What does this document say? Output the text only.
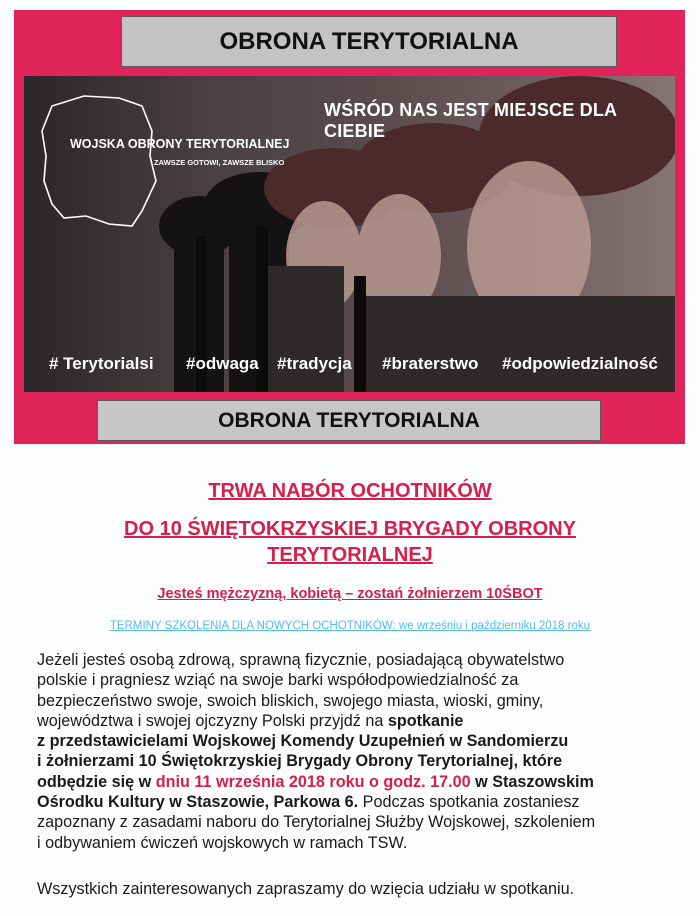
OBRONA TERYTORIALNA
WŚRÓD NAS JEST MIEJSCE DLA CIEBIE
WOJSKA OBRONY TERYTORIALNEJ
ZAWSZE GOTOWI, ZAWSZE BLISKO
# Terytorialsi #odwaga #tradycja #braterstwo #odpowiedzialność
OBRONA TERYTORIALNA
TRWA NABÓR OCHOTNIKÓW
DO 10 ŚWIĘTOKRZYSKIEJ BRYGADY OBRONY
TERYTORIALNEJ
Jesteś mężczyzną, kobietą – zostań żołnierzem 10ŚBOT
TERMINY SZKOLENIA DLA NOWYCH OCHOTNIKÓW: we wrześniu i październiku 2018 roku
Jeżeli jesteś osobą zdrową, sprawną fizycznie, posiadającą obywatelstwo
polskie i pragniesz wziąć na swoje barki współodpowiedzialność za
bezpieczeństwo swoje, swoich bliskich, swojego miasta, wioski, gminy,
województwa i swojej ojczyzny Polski przyjdź na spotkanie
z przedstawicielami Wojskowej Komendy Uzupełnień w Sandomierzu
i żołnierzami 10 Świętokrzyskiej Brygady Obrony Terytorialnej, które
odbędzie się w dniu 11 września 2018 roku o godz. 17.00 w Staszowskim
Ośrodku Kultury w Staszowie, Parkowa 6. Podczas spotkania zostaniesz
zapoznany z zasadami naboru do Terytorialnej Służby Wojskowej, szkoleniem
i odbywaniem ćwiczeń wojskowych w ramach TSW.
Wszystkich zainteresowanych zapraszamy do wzięcia udziału w spotkaniu.
